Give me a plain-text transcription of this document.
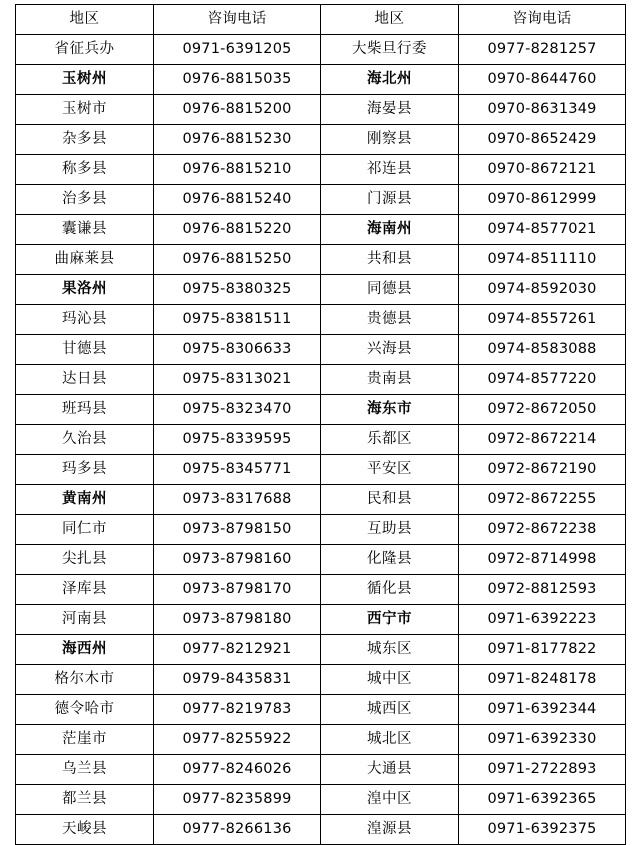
地区	咨询电话	地区	咨询电话
省征兵办	0971-6391205	大柴旦行委	0977-8281257
玉树州	0976-8815035	海北州	0970-8644760
玉树市	0976-8815200	海晏县	0970-8631349
杂多县	0976-8815230	刚察县	0970-8652429
称多县	0976-8815210	祁连县	0970-8672121
治多县	0976-8815240	门源县	0970-8612999
囊谦县	0976-8815220	海南州	0974-8577021
曲麻莱县	0976-8815250	共和县	0974-8511110
果洛州	0975-8380325	同德县	0974-8592030
玛沁县	0975-8381511	贵德县	0974-8557261
甘德县	0975-8306633	兴海县	0974-8583088
达日县	0975-8313021	贵南县	0974-8577220
班玛县	0975-8323470	海东市	0972-8672050
久治县	0975-8339595	乐都区	0972-8672214
玛多县	0975-8345771	平安区	0972-8672190
黄南州	0973-8317688	民和县	0972-8672255
同仁市	0973-8798150	互助县	0972-8672238
尖扎县	0973-8798160	化隆县	0972-8714998
泽库县	0973-8798170	循化县	0972-8812593
河南县	0973-8798180	西宁市	0971-6392223
海西州	0977-8212921	城东区	0971-8177822
格尔木市	0979-8435831	城中区	0971-8248178
德令哈市	0977-8219783	城西区	0971-6392344
茫崖市	0977-8255922	城北区	0971-6392330
乌兰县	0977-8246026	大通县	0971-2722893
都兰县	0977-8235899	湟中区	0971-6392365
天峻县	0977-8266136	湟源县	0971-6392375
